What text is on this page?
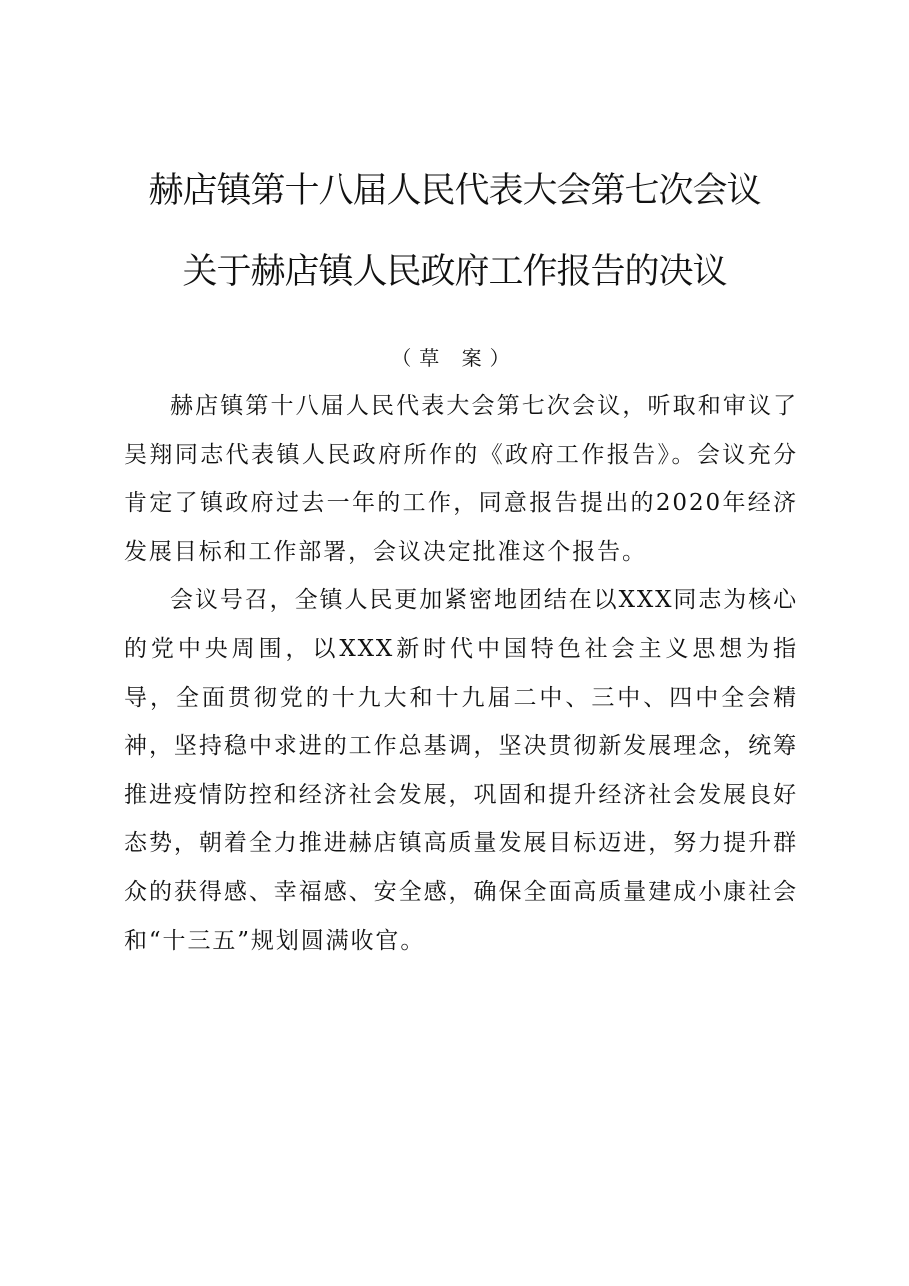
赫店镇第十八届人民代表大会第七次会议
关于赫店镇人民政府工作报告的决议
（草 案）

赫店镇第十八届人民代表大会第七次会议，听取和审议了吴翔同志代表镇人民政府所作的《政府工作报告》。会议充分肯定了镇政府过去一年的工作，同意报告提出的2020年经济发展目标和工作部署，会议决定批准这个报告。

会议号召，全镇人民更加紧密地团结在以XXX同志为核心的党中央周围，以XXX新时代中国特色社会主义思想为指导，全面贯彻党的十九大和十九届二中、三中、四中全会精神，坚持稳中求进的工作总基调，坚决贯彻新发展理念，统筹推进疫情防控和经济社会发展，巩固和提升经济社会发展良好态势，朝着全力推进赫店镇高质量发展目标迈进，努力提升群众的获得感、幸福感、安全感，确保全面高质量建成小康社会和“十三五”规划圆满收官。
